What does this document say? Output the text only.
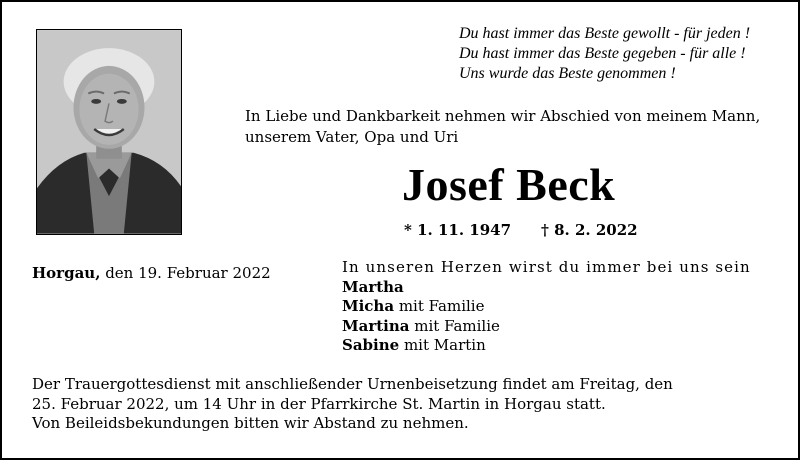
Du hast immer das Beste gewollt - für jeden !
Du hast immer das Beste gegeben - für alle !
Uns wurde das Beste genommen !
In Liebe und Dankbarkeit nehmen wir Abschied von meinem Mann,
unserem Vater, Opa und Uri
Josef Beck
* 1. 11. 1947 † 8. 2. 2022
Horgau, den 19. Februar 2022	In unseren Herzen wirst du immer bei uns sein
Martha
Micha mit Familie
Martina mit Familie
Sabine mit Martin
Der Trauergottesdienst mit anschließender Urnenbeisetzung findet am Freitag, den
25. Februar 2022, um 14 Uhr in der Pfarrkirche St. Martin in Horgau statt.
Von Beileidsbekundungen bitten wir Abstand zu nehmen.
